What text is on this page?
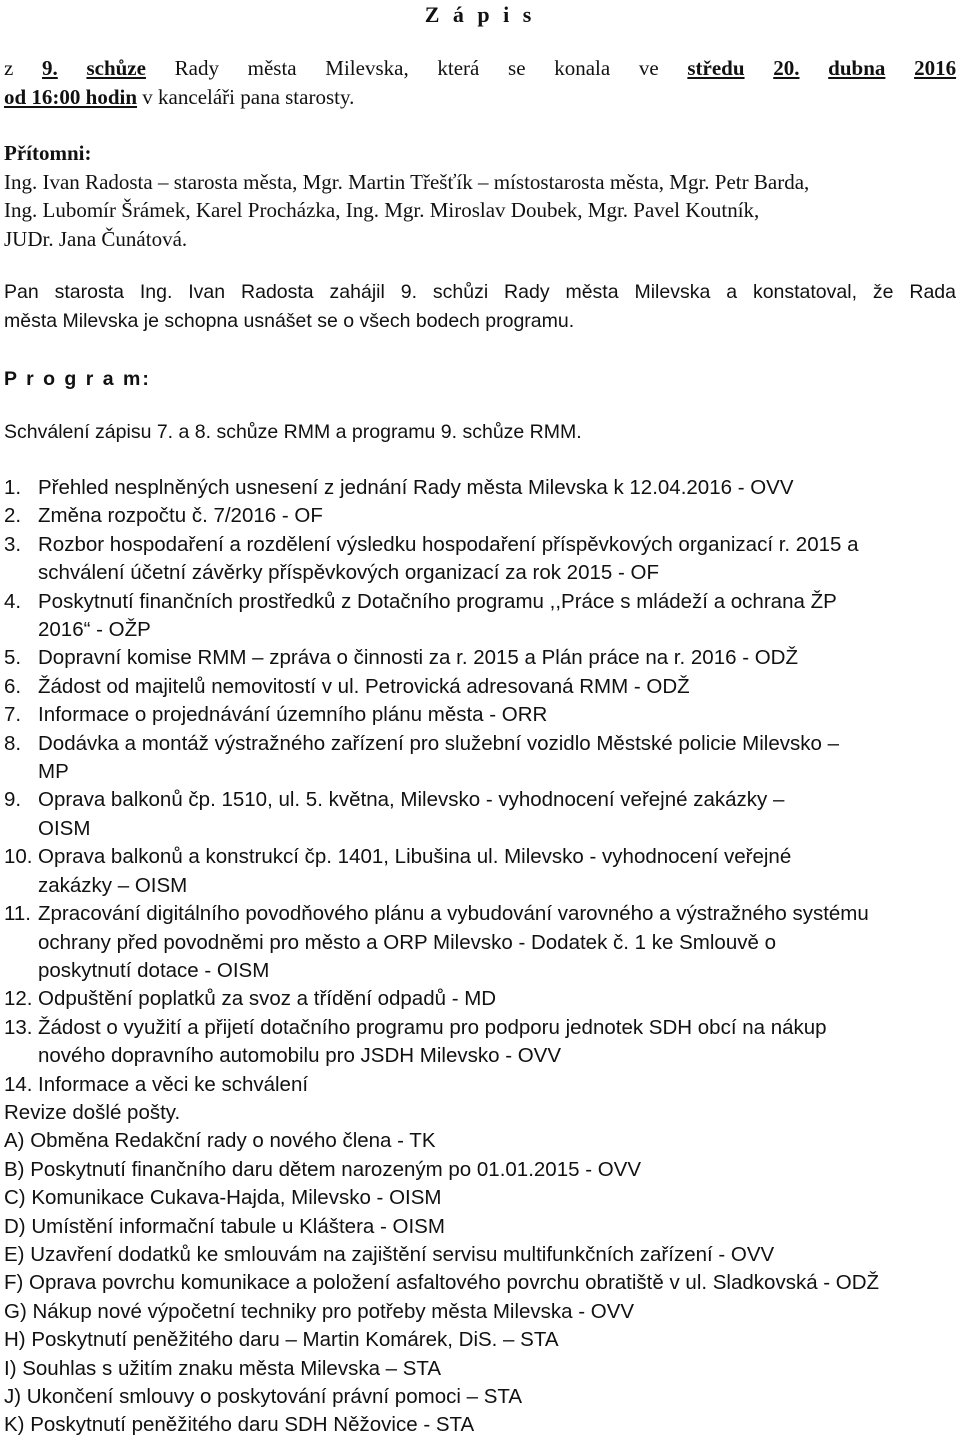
Z á p i s
z 9. schůze Rady města Milevska, která se konala ve středu 20. dubna 2016
od 16:00 hodin v kanceláři pana starosty.
Přítomni:
Ing. Ivan Radosta – starosta města, Mgr. Martin Třešťík – místostarosta města, Mgr. Petr Barda,
Ing. Lubomír Šrámek, Karel Procházka, Ing. Mgr. Miroslav Doubek, Mgr. Pavel Koutník,
JUDr. Jana Čunátová.
Pan starosta Ing. Ivan Radosta zahájil 9. schůzi Rady města Milevska a konstatoval, že Rada
města Milevska je schopna usnášet se o všech bodech programu.
P r o g r a m:
Schválení zápisu 7. a 8. schůze RMM a programu 9. schůze RMM.
1. Přehled nesplněných usnesení z jednání Rady města Milevska k 12.04.2016 - OVV
2. Změna rozpočtu č. 7/2016 - OF
3. Rozbor hospodaření a rozdělení výsledku hospodaření příspěvkových organizací r. 2015 a
schválení účetní závěrky příspěvkových organizací za rok 2015 - OF
4. Poskytnutí finančních prostředků z Dotačního programu ,,Práce s mládeží a ochrana ŽP
2016“ - OŽP
5. Dopravní komise RMM – zpráva o činnosti za r. 2015 a Plán práce na r. 2016 - ODŽ
6. Žádost od majitelů nemovitostí v ul. Petrovická adresovaná RMM - ODŽ
7. Informace o projednávání územního plánu města - ORR
8. Dodávka a montáž výstražného zařízení pro služební vozidlo Městské policie Milevsko –
MP
9. Oprava balkonů čp. 1510, ul. 5. května, Milevsko - vyhodnocení veřejné zakázky –
OISM
10. Oprava balkonů a konstrukcí čp. 1401, Libušina ul. Milevsko - vyhodnocení veřejné
zakázky – OISM
11. Zpracování digitálního povodňového plánu a vybudování varovného a výstražného systému
ochrany před povodněmi pro město a ORP Milevsko - Dodatek č. 1 ke Smlouvě o
poskytnutí dotace - OISM
12. Odpuštění poplatků za svoz a třídění odpadů - MD
13. Žádost o využití a přijetí dotačního programu pro podporu jednotek SDH obcí na nákup
nového dopravního automobilu pro JSDH Milevsko - OVV
14. Informace a věci ke schválení
Revize došlé pošty.
A) Obměna Redakční rady o nového člena - TK
B) Poskytnutí finančního daru dětem narozeným po 01.01.2015 - OVV
C) Komunikace Cukava-Hajda, Milevsko - OISM
D) Umístění informační tabule u Kláštera - OISM
E) Uzavření dodatků ke smlouvám na zajištění servisu multifunkčních zařízení - OVV
F) Oprava povrchu komunikace a položení asfaltového povrchu obratiště v ul. Sladkovská - ODŽ
G) Nákup nové výpočetní techniky pro potřeby města Milevska - OVV
H) Poskytnutí peněžitého daru – Martin Komárek, DiS. – STA
I) Souhlas s užitím znaku města Milevska – STA
J) Ukončení smlouvy o poskytování právní pomoci – STA
K) Poskytnutí peněžitého daru SDH Něžovice - STA
